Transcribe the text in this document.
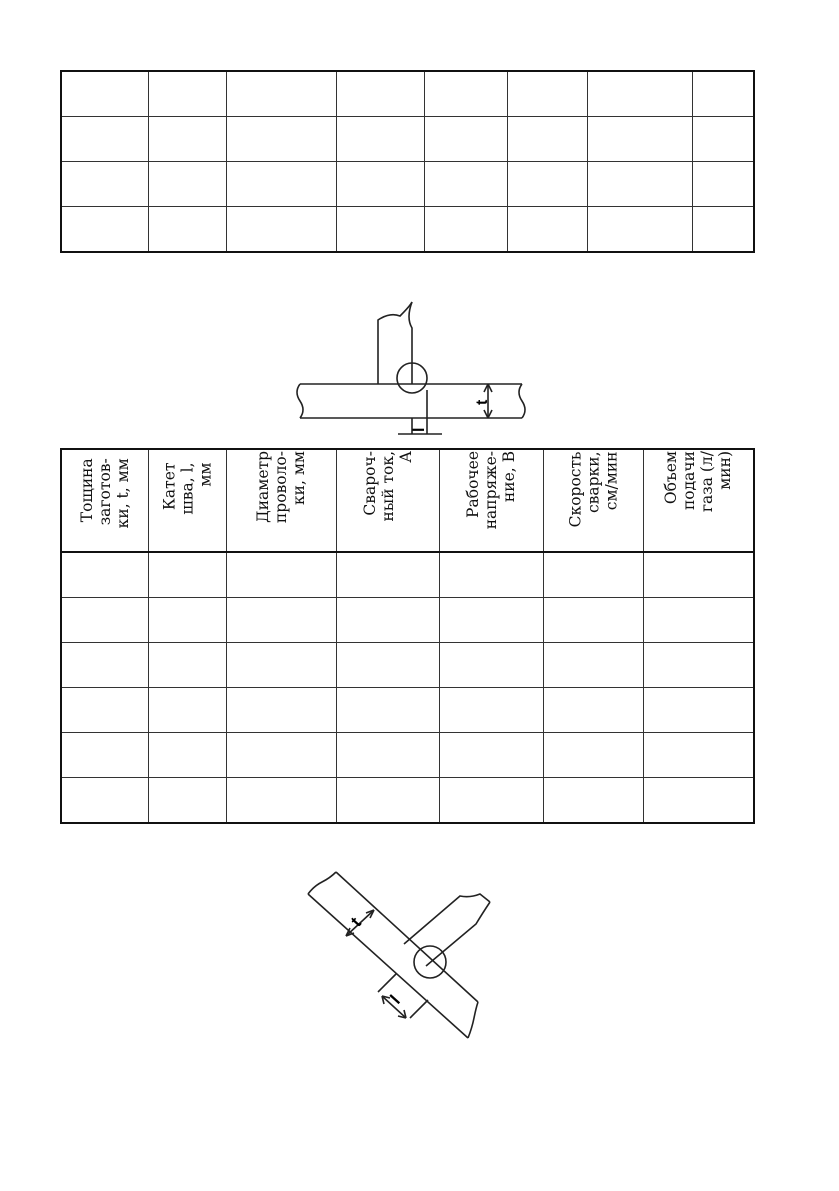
t
l
Тощина
заготов-
ки, t, мм	Катет
шва, l,
мм	Диаметр
проволо-
ки, мм	Свароч-
ный ток,
А	Рабочее
напряже-
ние, В	Скорость
сварки,
см/мин	Объем
подачи
газа (л/
мин)

t
l
